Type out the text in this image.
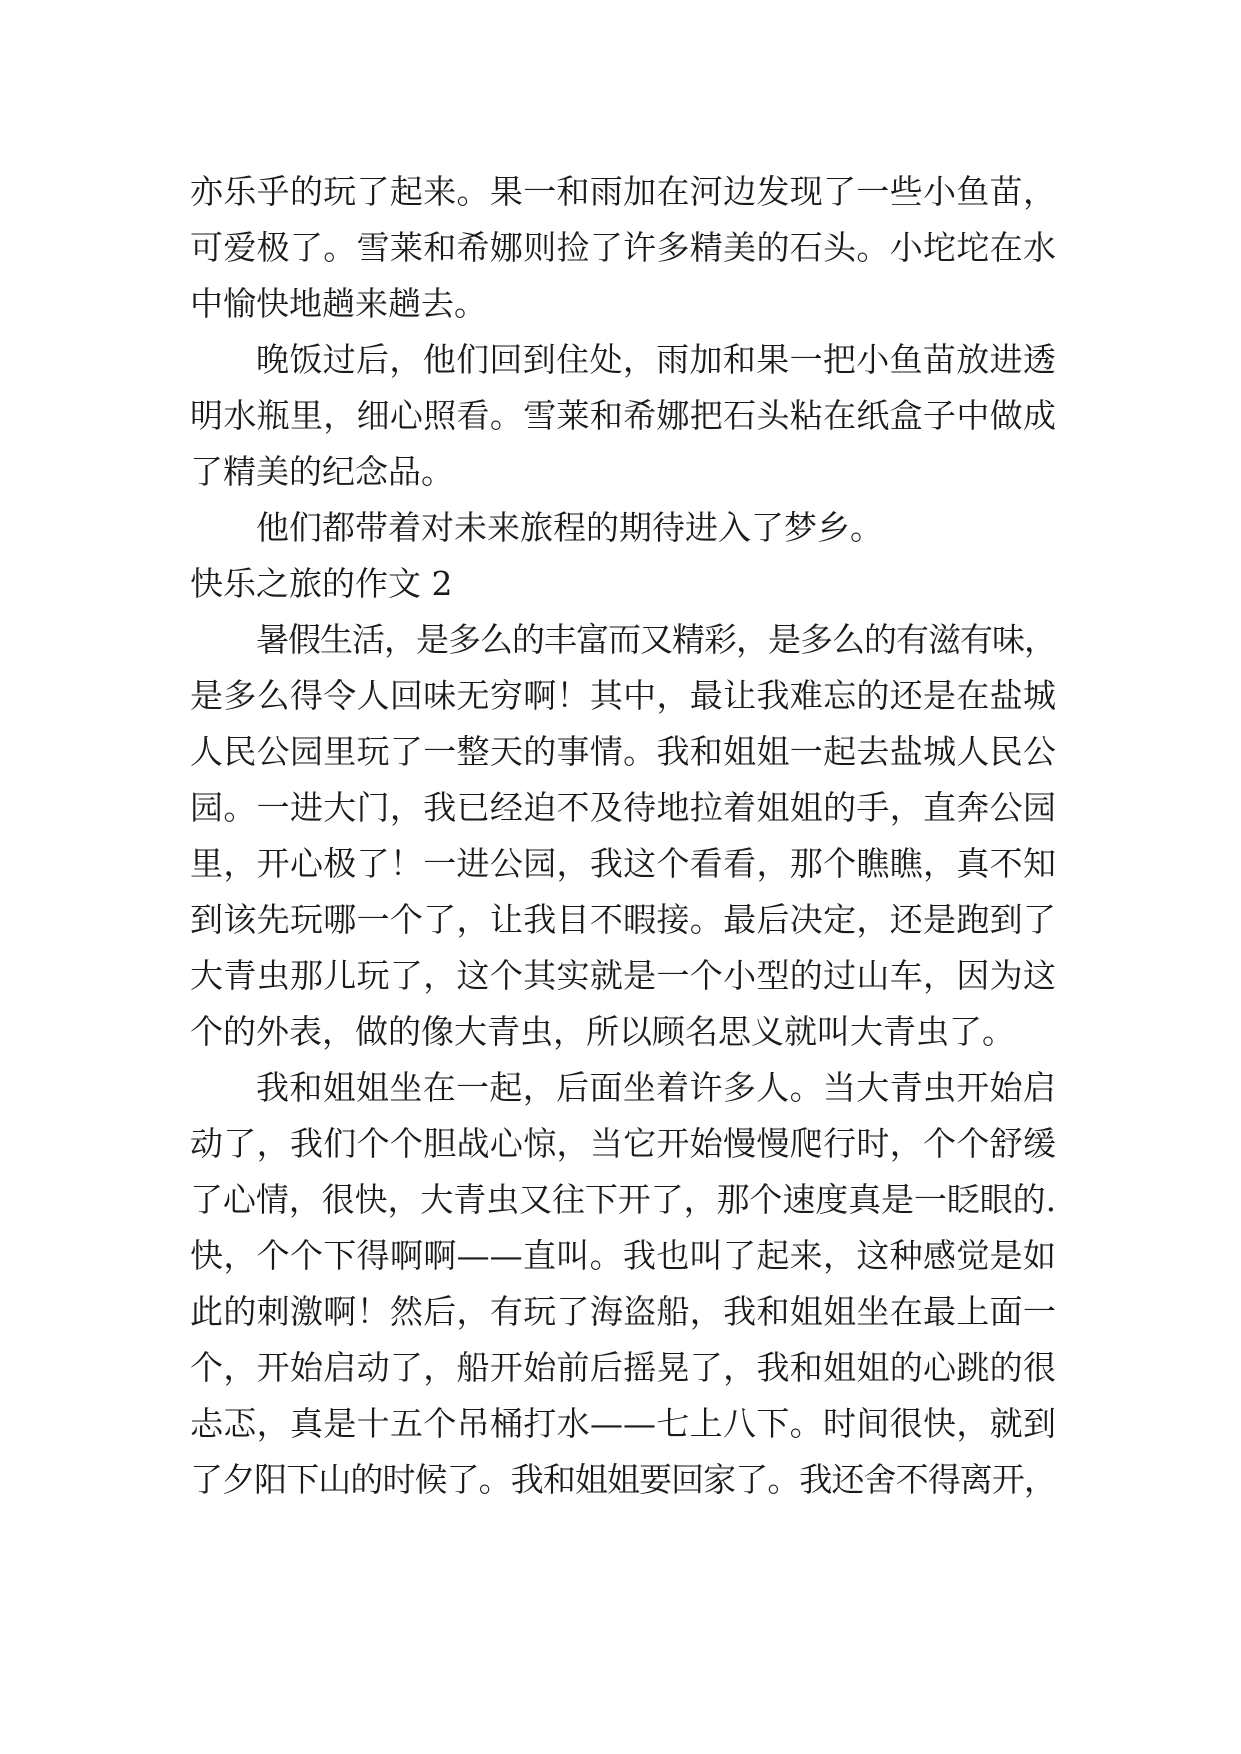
亦乐乎的玩了起来。果一和雨加在河边发现了一些小鱼苗，
可爱极了。雪莱和希娜则捡了许多精美的石头。小坨坨在水
中愉快地趟来趟去。
晚饭过后，他们回到住处，雨加和果一把小鱼苗放进透
明水瓶里，细心照看。雪莱和希娜把石头粘在纸盒子中做成
了精美的纪念品。
他们都带着对未来旅程的期待进入了梦乡。
快乐之旅的作文 2
暑假生活，是多么的丰富而又精彩，是多么的有滋有味，
是多么得令人回味无穷啊！其中，最让我难忘的还是在盐城
人民公园里玩了一整天的事情。我和姐姐一起去盐城人民公
园。一进大门，我已经迫不及待地拉着姐姐的手，直奔公园
里，开心极了！一进公园，我这个看看，那个瞧瞧，真不知
到该先玩哪一个了，让我目不暇接。最后决定，还是跑到了
大青虫那儿玩了，这个其实就是一个小型的过山车，因为这
个的外表，做的像大青虫，所以顾名思义就叫大青虫了。
我和姐姐坐在一起，后面坐着许多人。当大青虫开始启
动了，我们个个胆战心惊，当它开始慢慢爬行时，个个舒缓
了心情，很快，大青虫又往下开了，那个速度真是一眨眼的.
快，个个下得啊啊——直叫。我也叫了起来，这种感觉是如
此的刺激啊！然后，有玩了海盗船，我和姐姐坐在最上面一
个，开始启动了，船开始前后摇晃了，我和姐姐的心跳的很
忐忑，真是十五个吊桶打水——七上八下。时间很快，就到
了夕阳下山的时候了。我和姐姐要回家了。我还舍不得离开，
